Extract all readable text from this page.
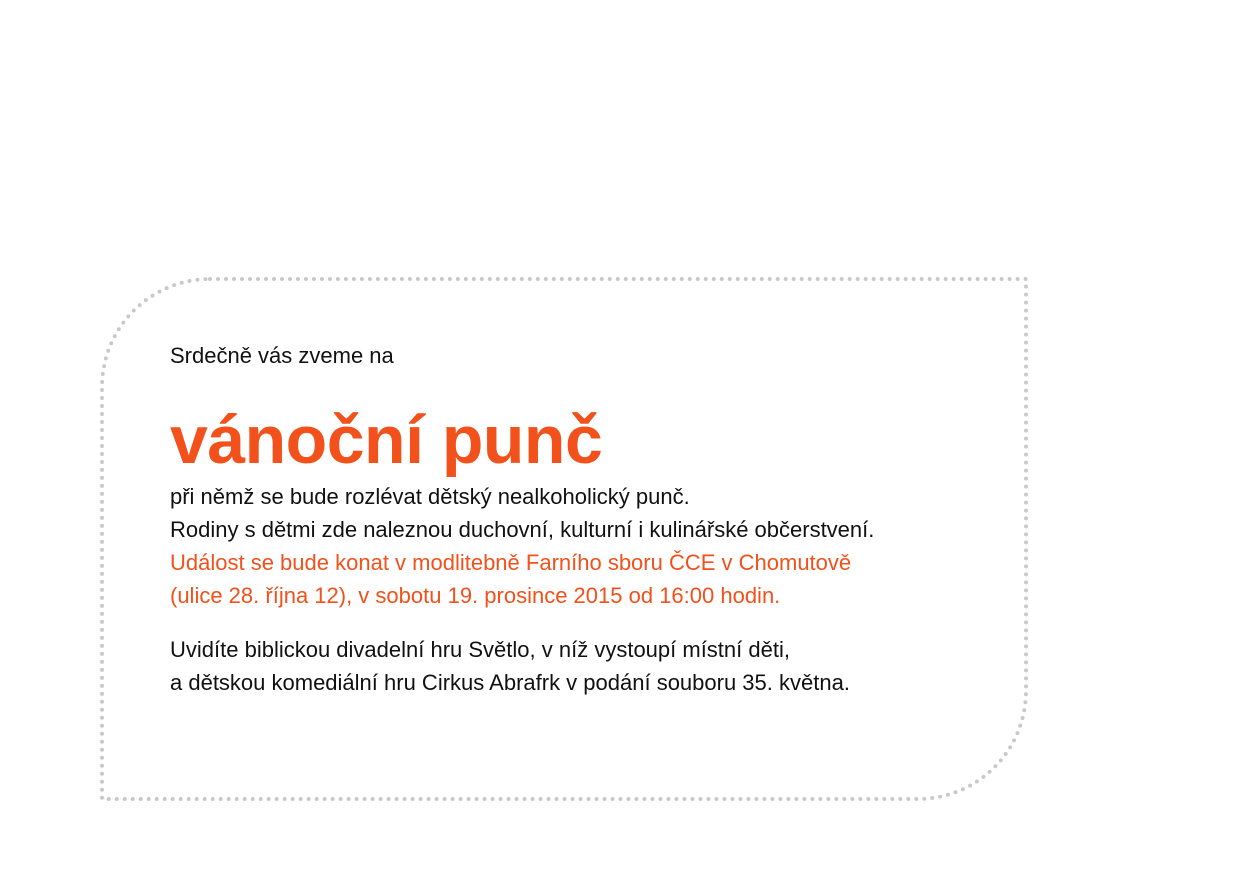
Srdečně vás zveme na

vánoční punč

při němž se bude rozlévat dětský nealkoholický punč.

Rodiny s dětmi zde naleznou duchovní, kulturní i kulinářské občerstvení.

Událost se bude konat v modlitebně Farního sboru ČCE v Chomutově

(ulice 28. října 12), v sobotu 19. prosince 2015 od 16:00 hodin.

Uvidíte biblickou divadelní hru Světlo, v níž vystoupí místní děti,

a dětskou komediální hru Cirkus Abrafrk v podání souboru 35. května.
